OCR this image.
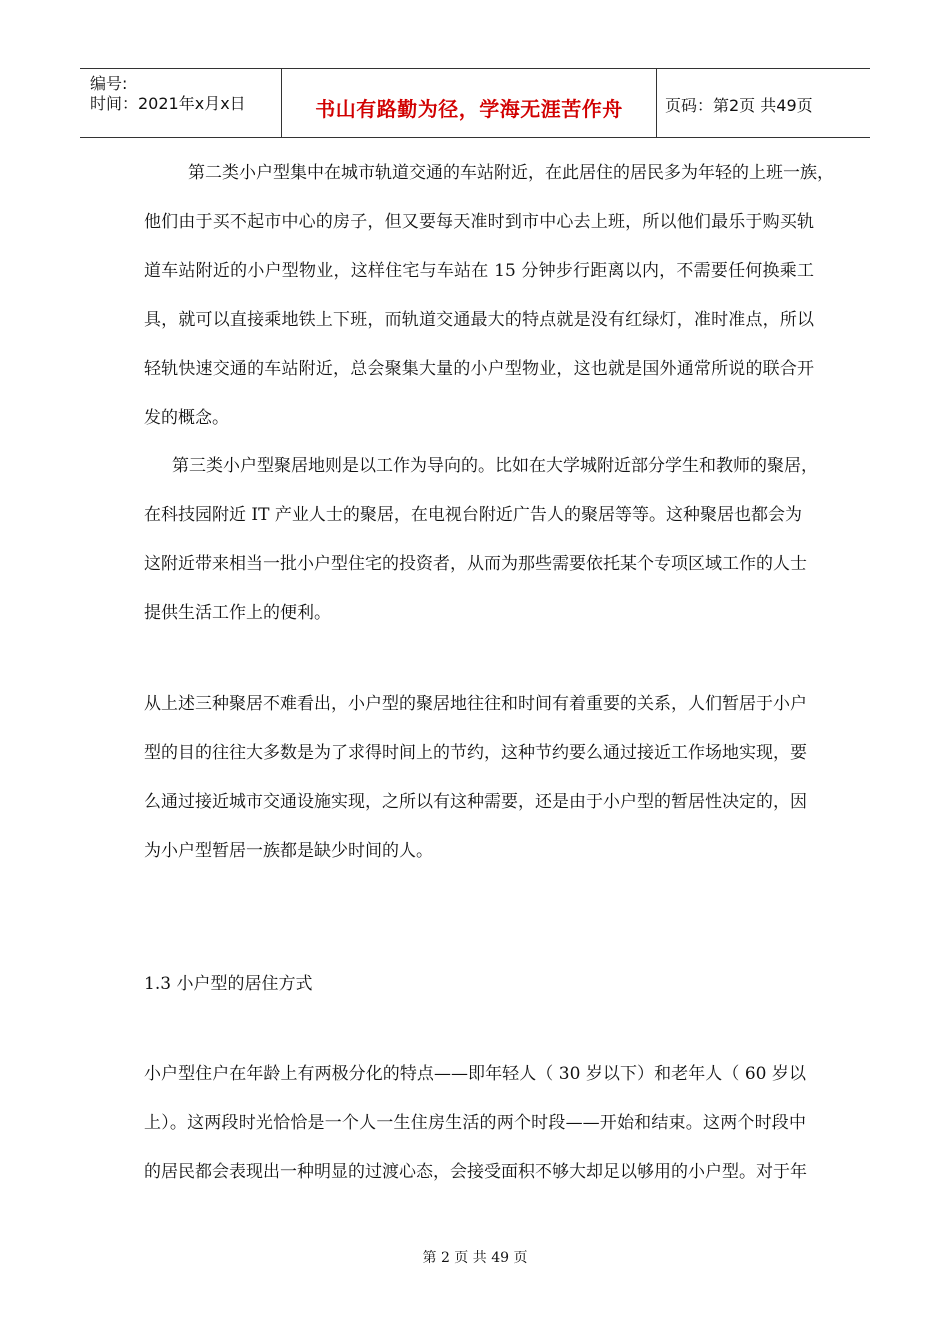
编号:
时间：2021年x月x日	书山有路勤为径，学海无涯苦作舟	页码：第2页 共49页
第二类小户型集中在城市轨道交通的车站附近，在此居住的居民多为年轻的上班一族，
他们由于买不起市中心的房子，但又要每天准时到市中心去上班，所以他们最乐于购买轨
道车站附近的小户型物业，这样住宅与车站在 15 分钟步行距离以内，不需要任何换乘工
具，就可以直接乘地铁上下班，而轨道交通最大的特点就是没有红绿灯，准时准点，所以
轻轨快速交通的车站附近，总会聚集大量的小户型物业，这也就是国外通常所说的联合开
发的概念。
第三类小户型聚居地则是以工作为导向的。比如在大学城附近部分学生和教师的聚居，
在科技园附近 IT 产业人士的聚居，在电视台附近广告人的聚居等等。这种聚居也都会为
这附近带来相当一批小户型住宅的投资者，从而为那些需要依托某个专项区域工作的人士
提供生活工作上的便利。
从上述三种聚居不难看出，小户型的聚居地往往和时间有着重要的关系，人们暂居于小户
型的目的往往大多数是为了求得时间上的节约，这种节约要么通过接近工作场地实现，要
么通过接近城市交通设施实现，之所以有这种需要，还是由于小户型的暂居性决定的，因
为小户型暂居一族都是缺少时间的人。
1.3 小户型的居住方式
小户型住户在年龄上有两极分化的特点——即年轻人（ 30 岁以下）和老年人（ 60 岁以
上）。这两段时光恰恰是一个人一生住房生活的两个时段——开始和结束。这两个时段中
的居民都会表现出一种明显的过渡心态，会接受面积不够大却足以够用的小户型。对于年
第 2 页 共 49 页
